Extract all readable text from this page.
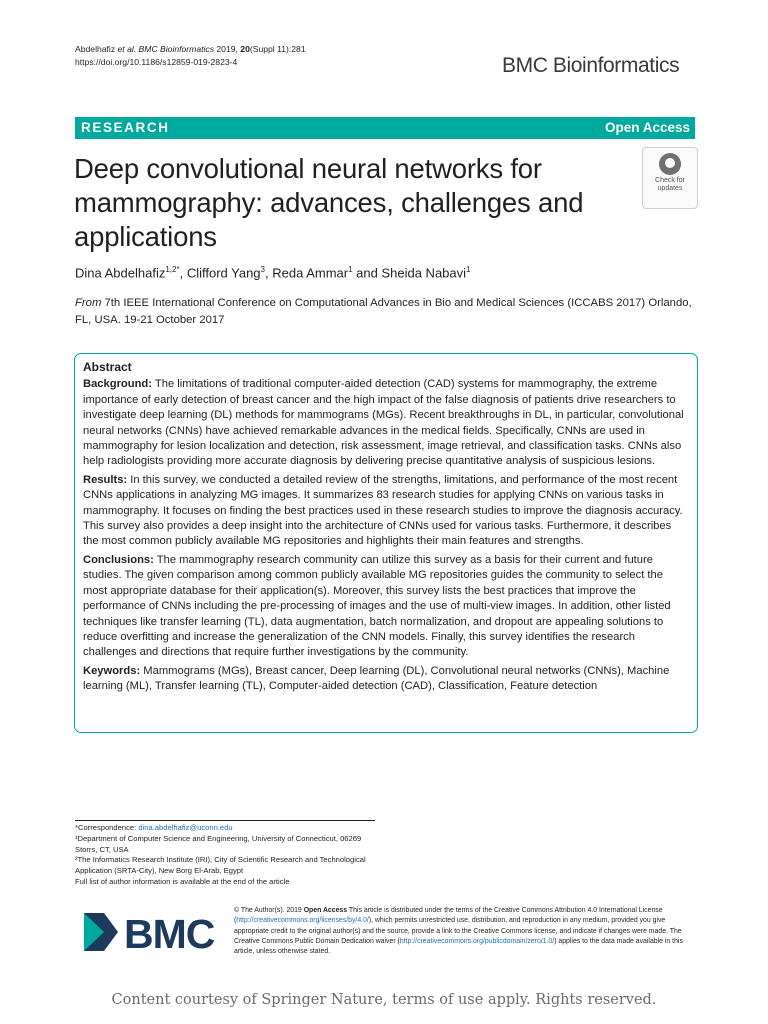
Abdelhafiz et al. BMC Bioinformatics 2019, 20(Suppl 11):281
https://doi.org/10.1186/s12859-019-2823-4	BMC Bioinformatics
RESEARCH	Open Access
Deep convolutional neural networks for mammography: advances, challenges and applications
Check for
updates
Dina Abdelhafiz$^{1,2*}$, Clifford Yang$^3$, Reda Ammar$^1$ and Sheida Nabavi$^1$
From 7th IEEE International Conference on Computational Advances in Bio and Medical Sciences (ICCABS 2017) Orlando, FL, USA. 19-21 October 2017
Abstract

Background: The limitations of traditional computer-aided detection (CAD) systems for mammography, the extreme importance of early detection of breast cancer and the high impact of the false diagnosis of patients drive researchers to investigate deep learning (DL) methods for mammograms (MGs). Recent breakthroughs in DL, in particular, convolutional neural networks (CNNs) have achieved remarkable advances in the medical fields. Specifically, CNNs are used in mammography for lesion localization and detection, risk assessment, image retrieval, and classification tasks. CNNs also help radiologists providing more accurate diagnosis by delivering precise quantitative analysis of suspicious lesions.

Results: In this survey, we conducted a detailed review of the strengths, limitations, and performance of the most recent CNNs applications in analyzing MG images. It summarizes 83 research studies for applying CNNs on various tasks in mammography. It focuses on finding the best practices used in these research studies to improve the diagnosis accuracy. This survey also provides a deep insight into the architecture of CNNs used for various tasks. Furthermore, it describes the most common publicly available MG repositories and highlights their main features and strengths.

Conclusions: The mammography research community can utilize this survey as a basis for their current and future studies. The given comparison among common publicly available MG repositories guides the community to select the most appropriate database for their application(s). Moreover, this survey lists the best practices that improve the performance of CNNs including the pre-processing of images and the use of multi-view images. In addition, other listed techniques like transfer learning (TL), data augmentation, batch normalization, and dropout are appealing solutions to reduce overfitting and increase the generalization of the CNN models. Finally, this survey identifies the research challenges and directions that require further investigations by the community.

Keywords: Mammograms (MGs), Breast cancer, Deep learning (DL), Convolutional neural networks (CNNs), Machine learning (ML), Transfer learning (TL), Computer-aided detection (CAD), Classification, Feature detection

*Correspondence: dina.abdelhafiz@uconn.edu
¹Department of Computer Science and Engineering, University of Connecticut, 06269 Storrs, CT, USA
²The Informatics Research Institute (IRI), City of Scientific Research and Technological Application (SRTA-City), New Borg El-Arab, Egypt
Full list of author information is available at the end of the article
BMC
© The Author(s). 2019 Open Access This article is distributed under the terms of the Creative Commons Attribution 4.0 International License (http://creativecommons.org/licenses/by/4.0/), which permits unrestricted use, distribution, and reproduction in any medium, provided you give appropriate credit to the original author(s) and the source, provide a link to the Creative Commons license, and indicate if changes were made. The Creative Commons Public Domain Dedication waiver (http://creativecommons.org/publicdomain/zero/1.0/) applies to the data made available in this article, unless otherwise stated.
Content courtesy of Springer Nature, terms of use apply. Rights reserved.
